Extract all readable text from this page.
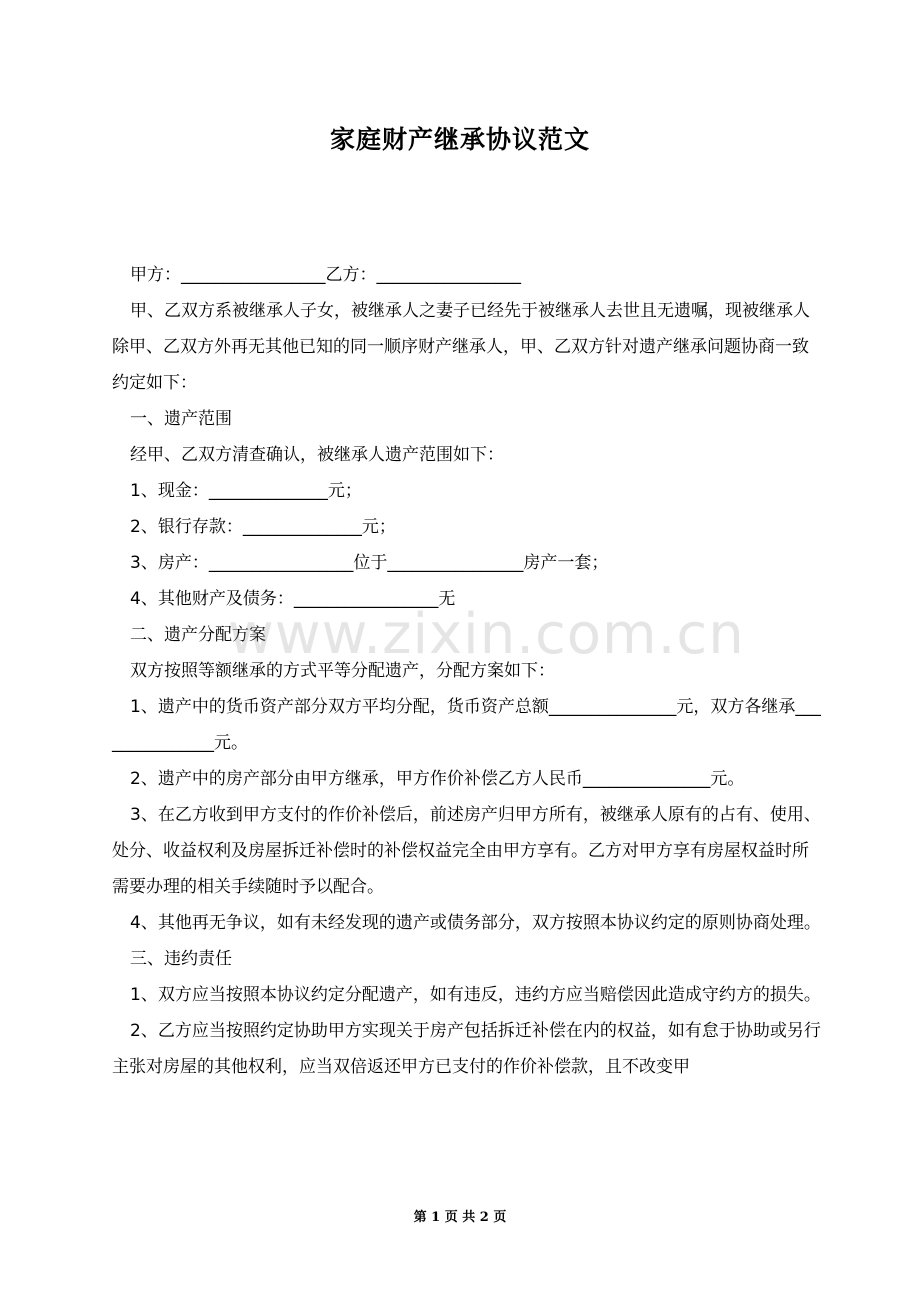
家庭财产继承协议范文

甲方：_________________乙方：_________________

甲、乙双方系被继承人子女，被继承人之妻子已经先于被继承人去世且无遗嘱，现被继承人除甲、乙双方外再无其他已知的同一顺序财产继承人，甲、乙双方针对遗产继承问题协商一致约定如下：

一、遗产范围

经甲、乙双方清查确认，被继承人遗产范围如下：

1、现金：______________元；

2、银行存款：______________元；

3、房产：_________________位于________________房产一套；

4、其他财产及债务：_________________无

二、遗产分配方案

双方按照等额继承的方式平等分配遗产，分配方案如下：

1、遗产中的货币资产部分双方平均分配，货币资产总额_______________元，双方各继承_______________元。

2、遗产中的房产部分由甲方继承，甲方作价补偿乙方人民币_______________元。

3、在乙方收到甲方支付的作价补偿后，前述房产归甲方所有，被继承人原有的占有、使用、处分、收益权利及房屋拆迁补偿时的补偿权益完全由甲方享有。乙方对甲方享有房屋权益时所需要办理的相关手续随时予以配合。

4、其他再无争议，如有未经发现的遗产或债务部分，双方按照本协议约定的原则协商处理。

三、违约责任

1、双方应当按照本协议约定分配遗产，如有违反，违约方应当赔偿因此造成守约方的损失。

2、乙方应当按照约定协助甲方实现关于房产包括拆迁补偿在内的权益，如有怠于协助或另行主张对房屋的其他权利，应当双倍返还甲方已支付的作价补偿款，且不改变甲

www.zixin.com.cn
第 1 页 共 2 页
